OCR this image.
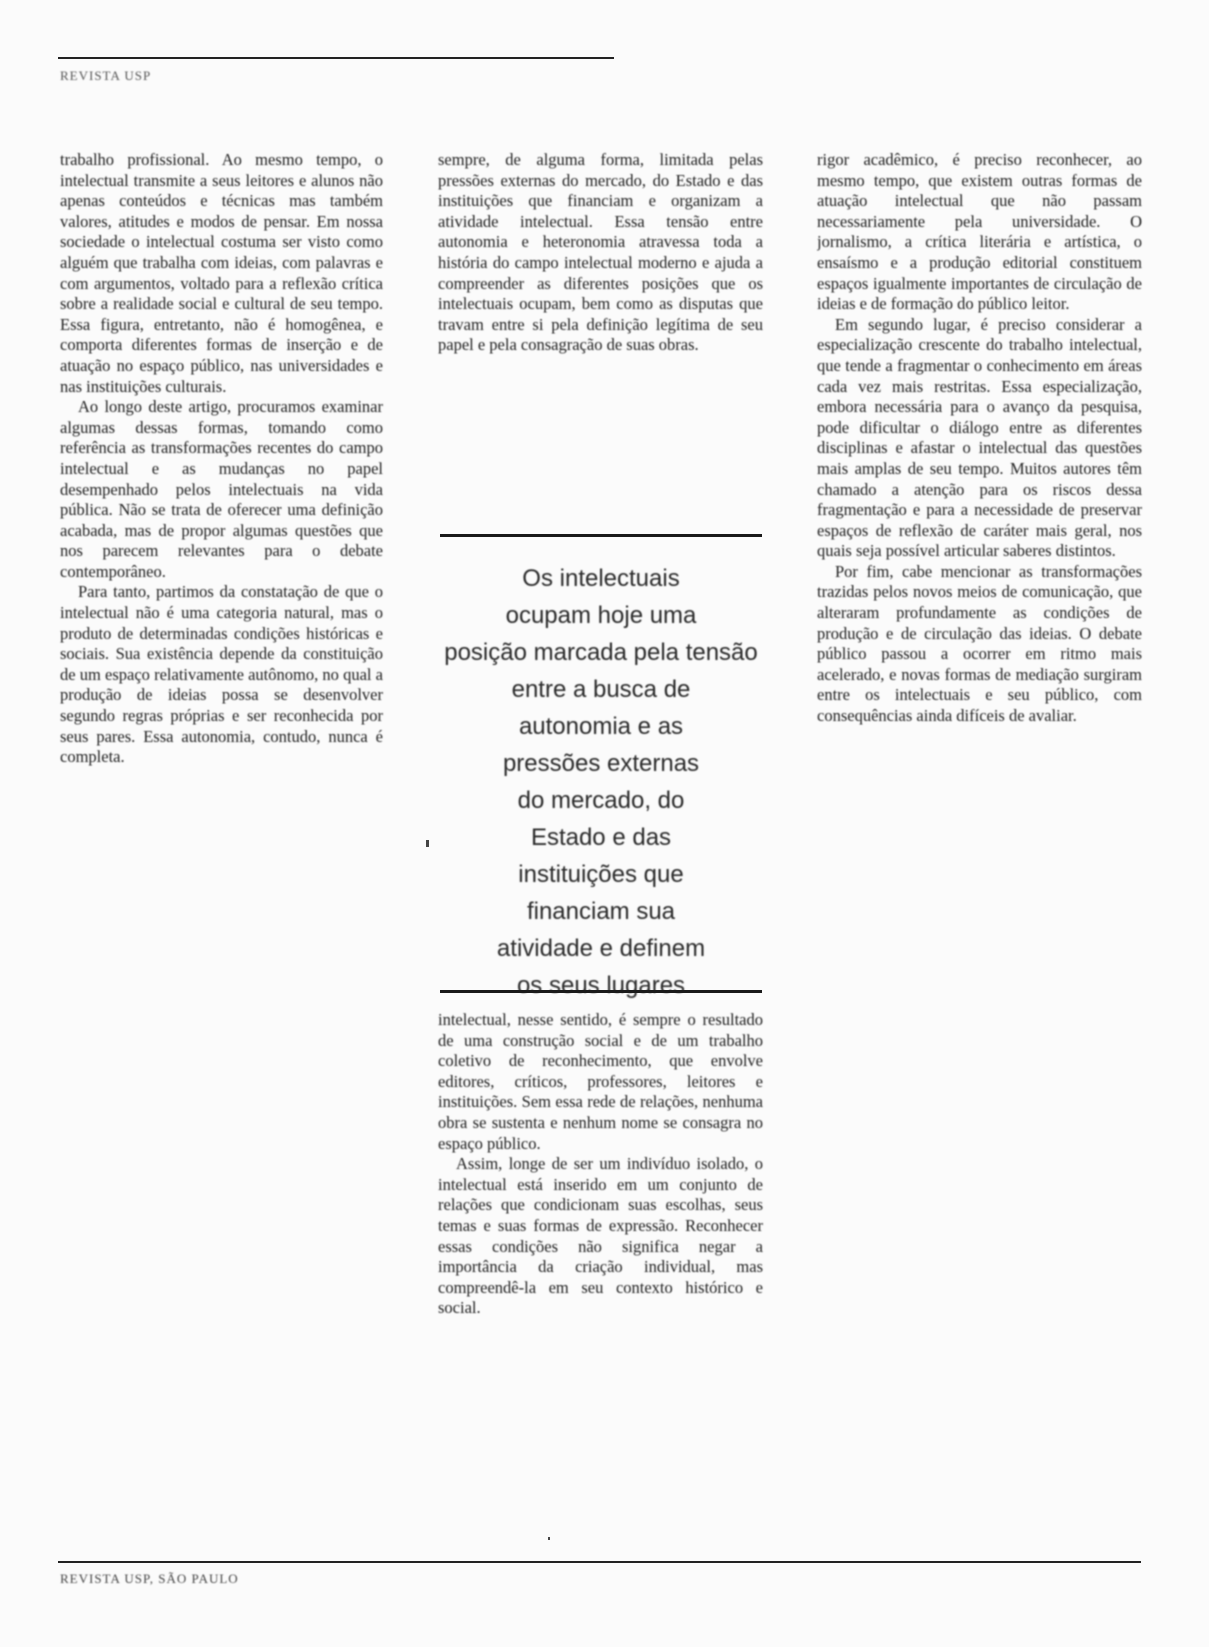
REVISTA USP

trabalho profissional. Ao mesmo tempo, o intelectual transmite a seus leitores e alunos não apenas conteúdos e técnicas mas também valores, atitudes e modos de pensar. Em nossa sociedade o intelectual costuma ser visto como alguém que trabalha com ideias, com palavras e com argumentos, voltado para a reflexão crítica sobre a realidade social e cultural de seu tempo. Essa figura, entretanto, não é homogênea, e comporta diferentes formas de inserção e de atuação no espaço público, nas universidades e nas instituições culturais.

Ao longo deste artigo, procuramos examinar algumas dessas formas, tomando como referência as transformações recentes do campo intelectual e as mudanças no papel desempenhado pelos intelectuais na vida pública. Não se trata de oferecer uma definição acabada, mas de propor algumas questões que nos parecem relevantes para o debate contemporâneo.

Para tanto, partimos da constatação de que o intelectual não é uma categoria natural, mas o produto de determinadas condições históricas e sociais. Sua existência depende da constituição de um espaço relativamente autônomo, no qual a produção de ideias possa se desenvolver segundo regras próprias e ser reconhecida por seus pares. Essa autonomia, contudo, nunca é completa.

sempre, de alguma forma, limitada pelas pressões externas do mercado, do Estado e das instituições que financiam e organizam a atividade intelectual. Essa tensão entre autonomia e heteronomia atravessa toda a história do campo intelectual moderno e ajuda a compreender as diferentes posições que os intelectuais ocupam, bem como as disputas que travam entre si pela definição legítima de seu papel e pela consagração de suas obras.

Os intelectuais
ocupam hoje uma
posição marcada pela tensão
entre a busca de
autonomia e as
pressões externas
do mercado, do
Estado e das
instituições que
financiam sua
atividade e definem
os seus lugares

intelectual, nesse sentido, é sempre o resultado de uma construção social e de um trabalho coletivo de reconhecimento, que envolve editores, críticos, professores, leitores e instituições. Sem essa rede de relações, nenhuma obra se sustenta e nenhum nome se consagra no espaço público.

Assim, longe de ser um indivíduo isolado, o intelectual está inserido em um conjunto de relações que condicionam suas escolhas, seus temas e suas formas de expressão. Reconhecer essas condições não significa negar a importância da criação individual, mas compreendê-la em seu contexto histórico e social.

rigor acadêmico, é preciso reconhecer, ao mesmo tempo, que existem outras formas de atuação intelectual que não passam necessariamente pela universidade. O jornalismo, a crítica literária e artística, o ensaísmo e a produção editorial constituem espaços igualmente importantes de circulação de ideias e de formação do público leitor.

Em segundo lugar, é preciso considerar a especialização crescente do trabalho intelectual, que tende a fragmentar o conhecimento em áreas cada vez mais restritas. Essa especialização, embora necessária para o avanço da pesquisa, pode dificultar o diálogo entre as diferentes disciplinas e afastar o intelectual das questões mais amplas de seu tempo. Muitos autores têm chamado a atenção para os riscos dessa fragmentação e para a necessidade de preservar espaços de reflexão de caráter mais geral, nos quais seja possível articular saberes distintos.

Por fim, cabe mencionar as transformações trazidas pelos novos meios de comunicação, que alteraram profundamente as condições de produção e de circulação das ideias. O debate público passou a ocorrer em ritmo mais acelerado, e novas formas de mediação surgiram entre os intelectuais e seu público, com consequências ainda difíceis de avaliar.

REVISTA USP, SÃO PAULO
